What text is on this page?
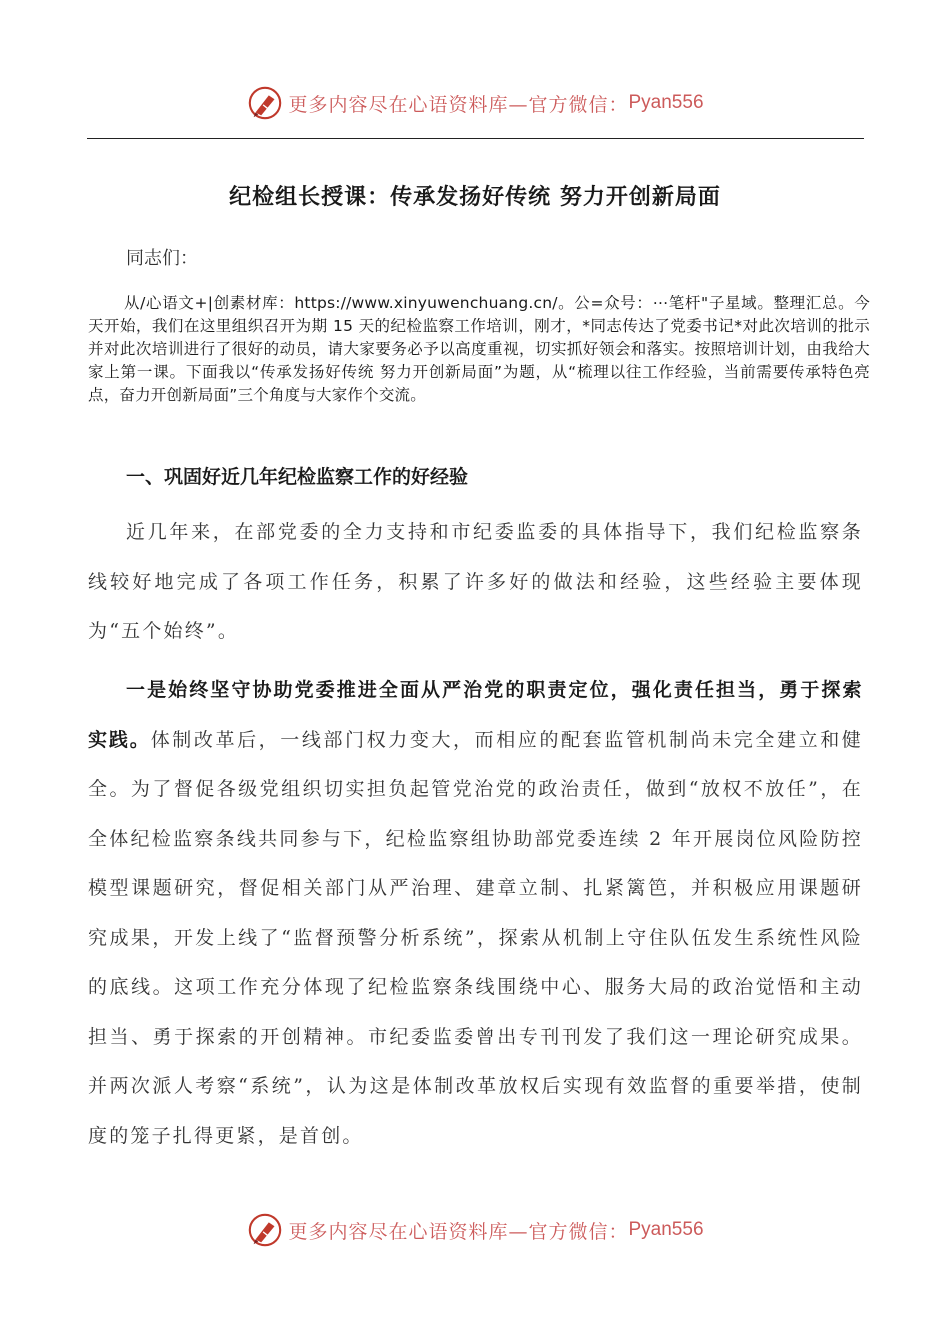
更多内容尽在心语资料库—官方微信： Pyan556
纪检组长授课：传承发扬好传统 努力开创新局面
同志们：
从/心语文+|创素材库：https://www.xinyuwenchuang.cn/。公=众号：⋯笔杆"子星域。整理汇总。今天开始，我们在这里组织召开为期 15 天的纪检监察工作培训，刚才，*同志传达了党委书记*对此次培训的批示并对此次培训进行了很好的动员，请大家要务必予以高度重视，切实抓好领会和落实。按照培训计划，由我给大家上第一课。下面我以“传承发扬好传统 努力开创新局面”为题，从“梳理以往工作经验，当前需要传承特色亮点，奋力开创新局面”三个角度与大家作个交流。
一、巩固好近几年纪检监察工作的好经验
近几年来，在部党委的全力支持和市纪委监委的具体指导下，我们纪检监察条线较好地完成了各项工作任务，积累了许多好的做法和经验，这些经验主要体现为“五个始终”。
一是始终坚守协助党委推进全面从严治党的职责定位，强化责任担当，勇于探索实践。体制改革后，一线部门权力变大，而相应的配套监管机制尚未完全建立和健全。为了督促各级党组织切实担负起管党治党的政治责任，做到“放权不放任”，在全体纪检监察条线共同参与下，纪检监察组协助部党委连续 2 年开展岗位风险防控模型课题研究，督促相关部门从严治理、建章立制、扎紧篱笆，并积极应用课题研究成果，开发上线了“监督预警分析系统”，探索从机制上守住队伍发生系统性风险的底线。这项工作充分体现了纪检监察条线围绕中心、服务大局的政治觉悟和主动担当、勇于探索的开创精神。市纪委监委曾出专刊刊发了我们这一理论研究成果。并两次派人考察“系统”，认为这是体制改革放权后实现有效监督的重要举措，使制度的笼子扎得更紧，是首创。
更多内容尽在心语资料库—官方微信： Pyan556
